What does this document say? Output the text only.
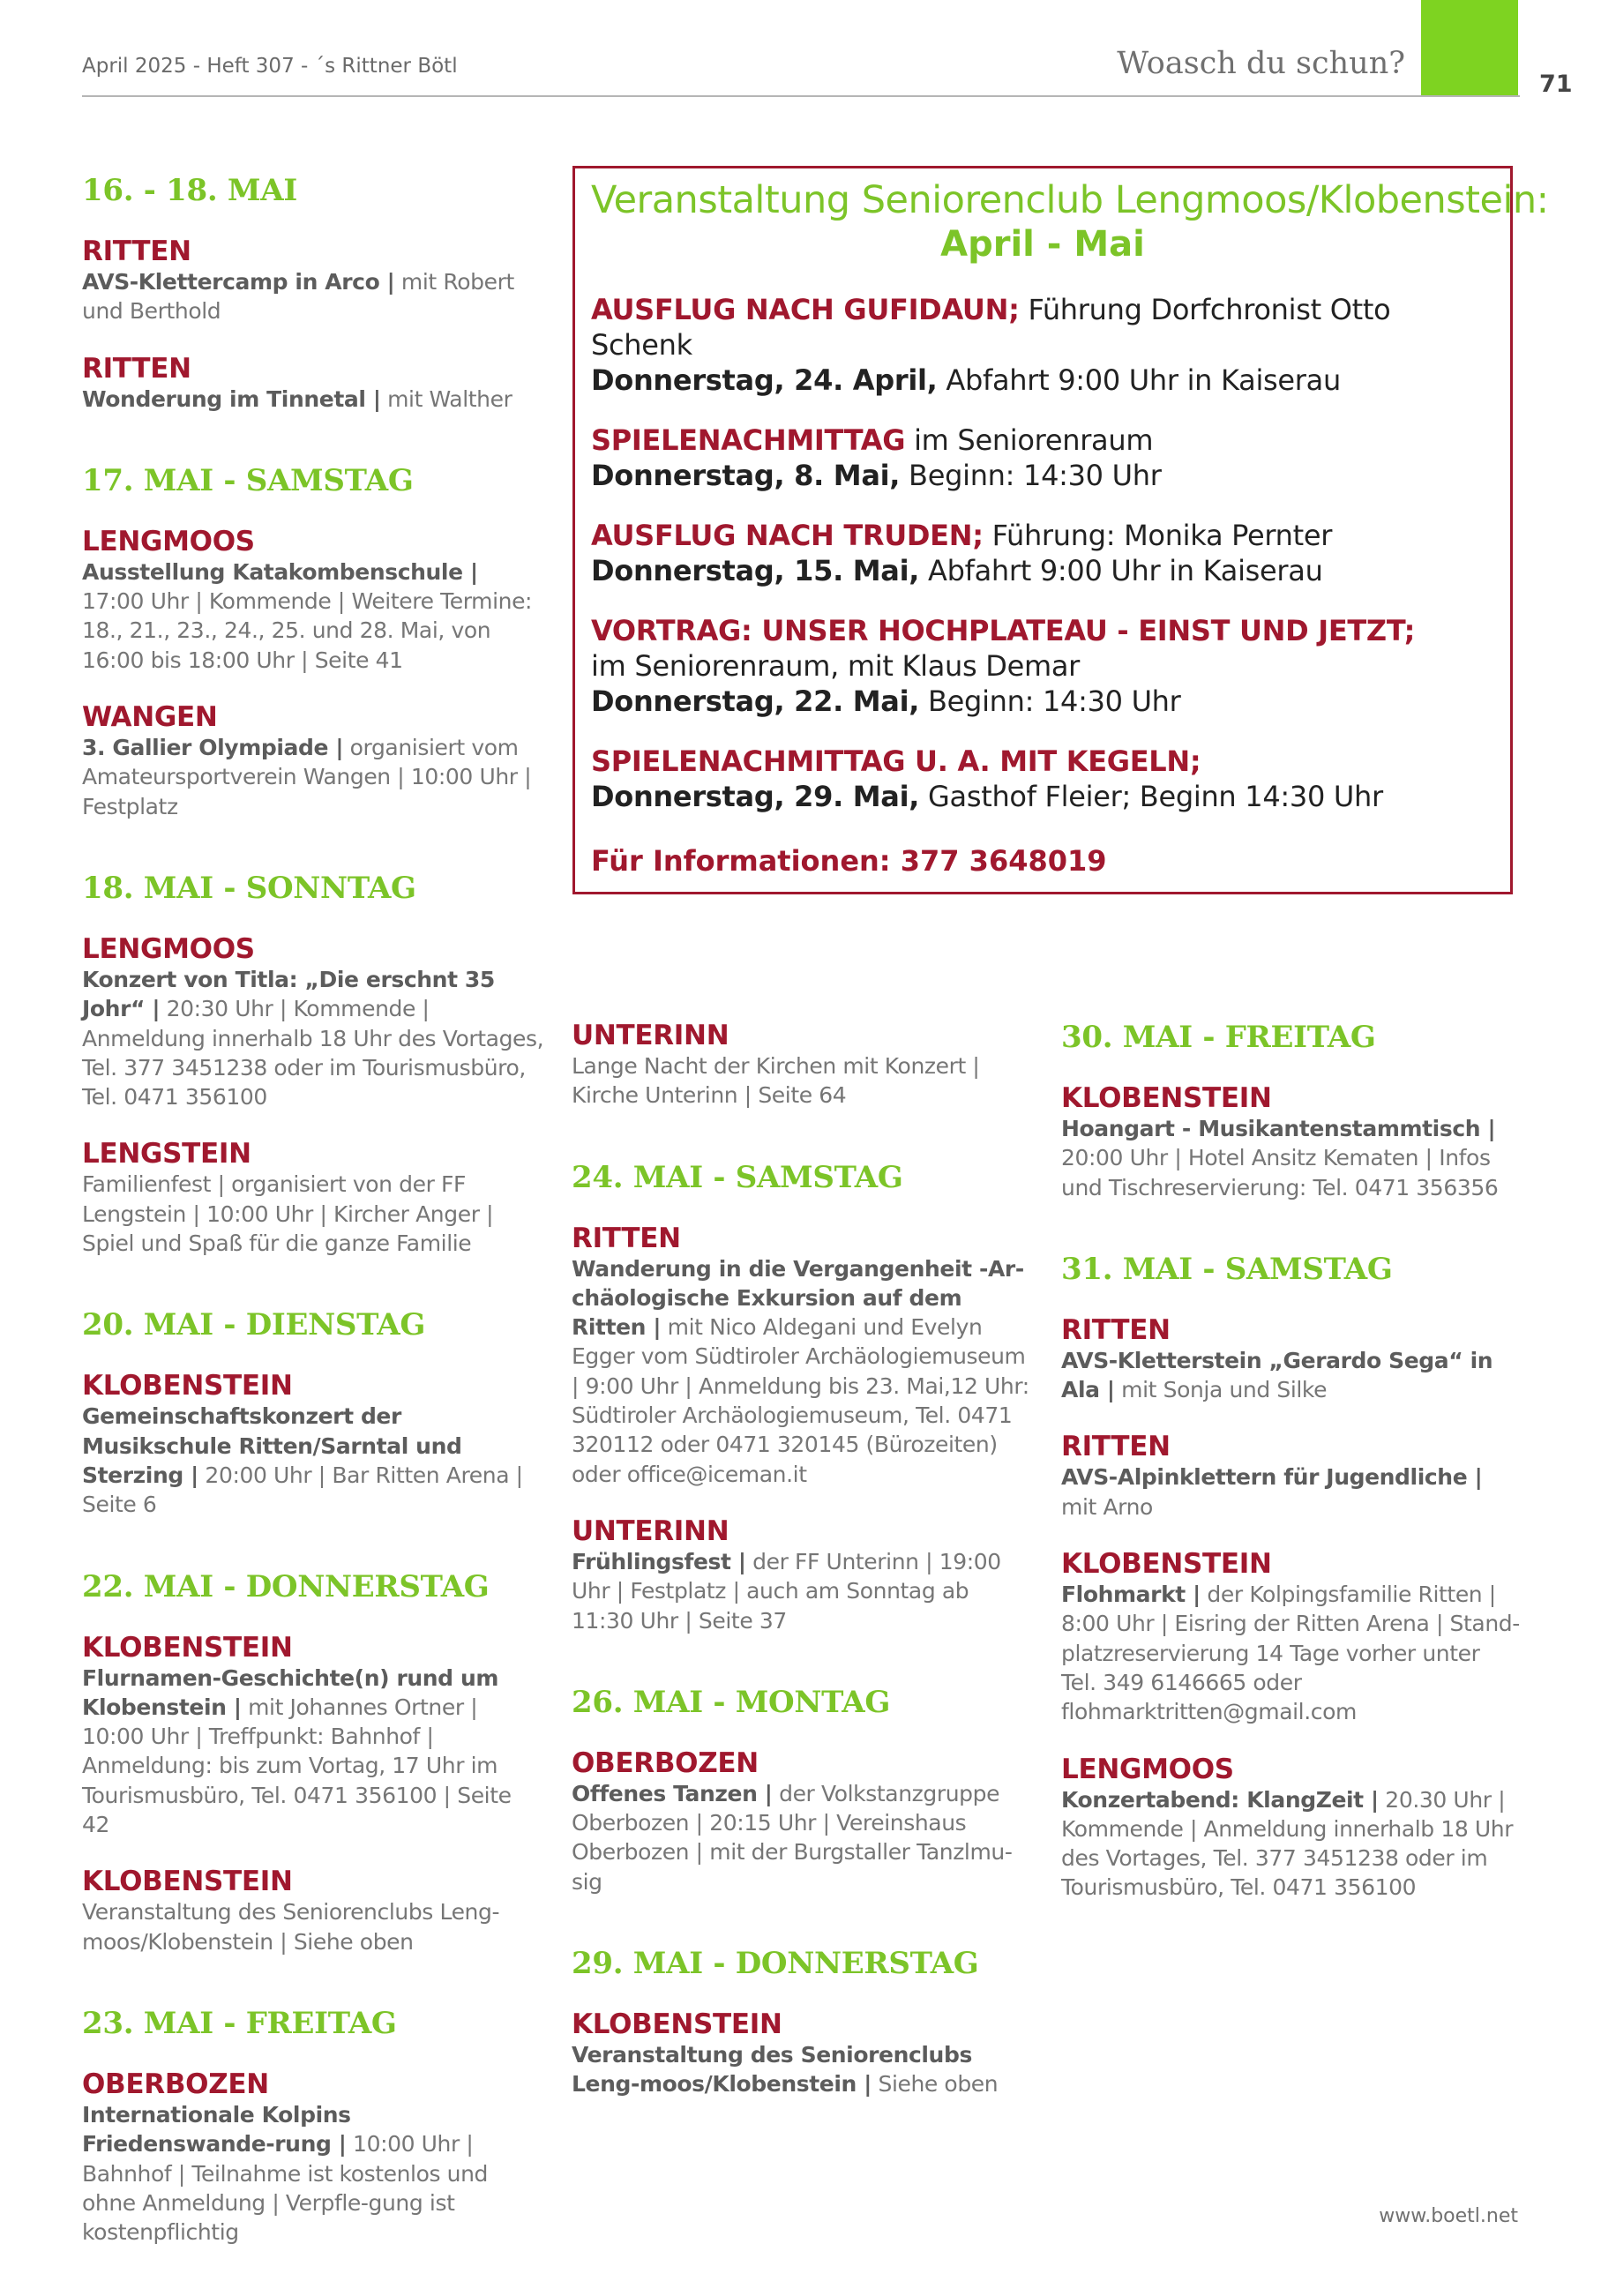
April 2025 - Heft 307 - ´s Rittner Bötl	Woasch du schun?
71

Veranstaltung Seniorenclub Lengmoos/Klobenstein:

April - Mai

AUSFLUG NACH GUFIDAUN; Führung Dorfchronist Otto Schenk
Donnerstag, 24. April, Abfahrt 9:00 Uhr in Kaiserau
SPIELENACHMITTAG im Seniorenraum
Donnerstag, 8. Mai, Beginn: 14:30 Uhr
AUSFLUG NACH TRUDEN; Führung: Monika Pernter
Donnerstag, 15. Mai, Abfahrt 9:00 Uhr in Kaiserau
VORTRAG: UNSER HOCHPLATEAU - EINST UND JETZT;
im Seniorenraum, mit Klaus Demar
Donnerstag, 22. Mai, Beginn: 14:30 Uhr
SPIELENACHMITTAG U. A. MIT KEGELN;
Donnerstag, 29. Mai, Gasthof Fleier; Beginn 14:30 Uhr
Für Informationen: 377 3648019
16. - 18. MAI
RITTEN

AVS-Klettercamp in Arco | mit Robert und Berthold

RITTEN

Wonderung im Tinnetal | mit Walther

17. MAI - SAMSTAG
LENGMOOS

Ausstellung Katakombenschule | 17:00 Uhr | Kommende | Weitere Termine: 18., 21., 23., 24., 25. und 28. Mai, von 16:00 bis 18:00 Uhr | Seite 41

WANGEN

3. Gallier Olympiade | organisiert vom Amateursportverein Wangen | 10:00 Uhr | Festplatz

18. MAI - SONNTAG
LENGMOOS

Konzert von Titla: „Die erschnt 35 Johr“ | 20:30 Uhr | Kommende | Anmeldung innerhalb 18 Uhr des Vortages, Tel. 377 3451238 oder im Tourismusbüro, Tel. 0471 356100

LENGSTEIN

Familienfest | organisiert von der FF Lengstein | 10:00 Uhr | Kircher Anger | Spiel und Spaß für die ganze Familie

20. MAI - DIENSTAG
KLOBENSTEIN

Gemeinschaftskonzert der Musikschule Ritten/Sarntal und Sterzing | 20:00 Uhr | Bar Ritten Arena | Seite 6

22. MAI - DONNERSTAG
KLOBENSTEIN

Flurnamen-Geschichte(n) rund um Klobenstein | mit Johannes Ortner | 10:00 Uhr | Treffpunkt: Bahnhof | Anmeldung: bis zum Vortag, 17 Uhr im Tourismusbüro, Tel. 0471 356100 | Seite 42

KLOBENSTEIN

Veranstaltung des Seniorenclubs Leng-moos/Klobenstein | Siehe oben

23. MAI - FREITAG
OBERBOZEN

Internationale Kolpins Friedenswande-rung | 10:00 Uhr | Bahnhof | Teilnahme ist kostenlos und ohne Anmeldung | Verpfle-gung ist kostenpflichtig

UNTERINN

Lange Nacht der Kirchen mit Konzert | Kirche Unterinn | Seite 64

24. MAI - SAMSTAG
RITTEN

Wanderung in die Vergangenheit -Ar-chäologische Exkursion auf dem Ritten | mit Nico Aldegani und Evelyn Egger vom Südtiroler Archäologiemuseum | 9:00 Uhr | Anmeldung bis 23. Mai,12 Uhr: Südtiroler Archäologiemuseum, Tel. 0471 320112 oder 0471 320145 (Bürozeiten) oder office@iceman.it

UNTERINN

Frühlingsfest | der FF Unterinn | 19:00 Uhr | Festplatz | auch am Sonntag ab 11:30 Uhr | Seite 37

26. MAI - MONTAG
OBERBOZEN

Offenes Tanzen | der Volkstanzgruppe Oberbozen | 20:15 Uhr | Vereinshaus Oberbozen | mit der Burgstaller Tanzlmu-sig

29. MAI - DONNERSTAG
KLOBENSTEIN

Veranstaltung des Seniorenclubs Leng-moos/Klobenstein | Siehe oben

30. MAI - FREITAG
KLOBENSTEIN

Hoangart - Musikantenstammtisch | 20:00 Uhr | Hotel Ansitz Kematen | Infos und Tischreservierung: Tel. 0471 356356

31. MAI - SAMSTAG
RITTEN

AVS-Kletterstein „Gerardo Sega“ in Ala | mit Sonja und Silke

RITTEN

AVS-Alpinklettern für Jugendliche | mit Arno

KLOBENSTEIN

Flohmarkt | der Kolpingsfamilie Ritten | 8:00 Uhr | Eisring der Ritten Arena | Stand-platzreservierung 14 Tage vorher unter Tel. 349 6146665 oder flohmarktritten@gmail.com

LENGMOOS

Konzertabend: KlangZeit | 20.30 Uhr | Kommende | Anmeldung innerhalb 18 Uhr des Vortages, Tel. 377 3451238 oder im Tourismusbüro, Tel. 0471 356100

www.boetl.net
